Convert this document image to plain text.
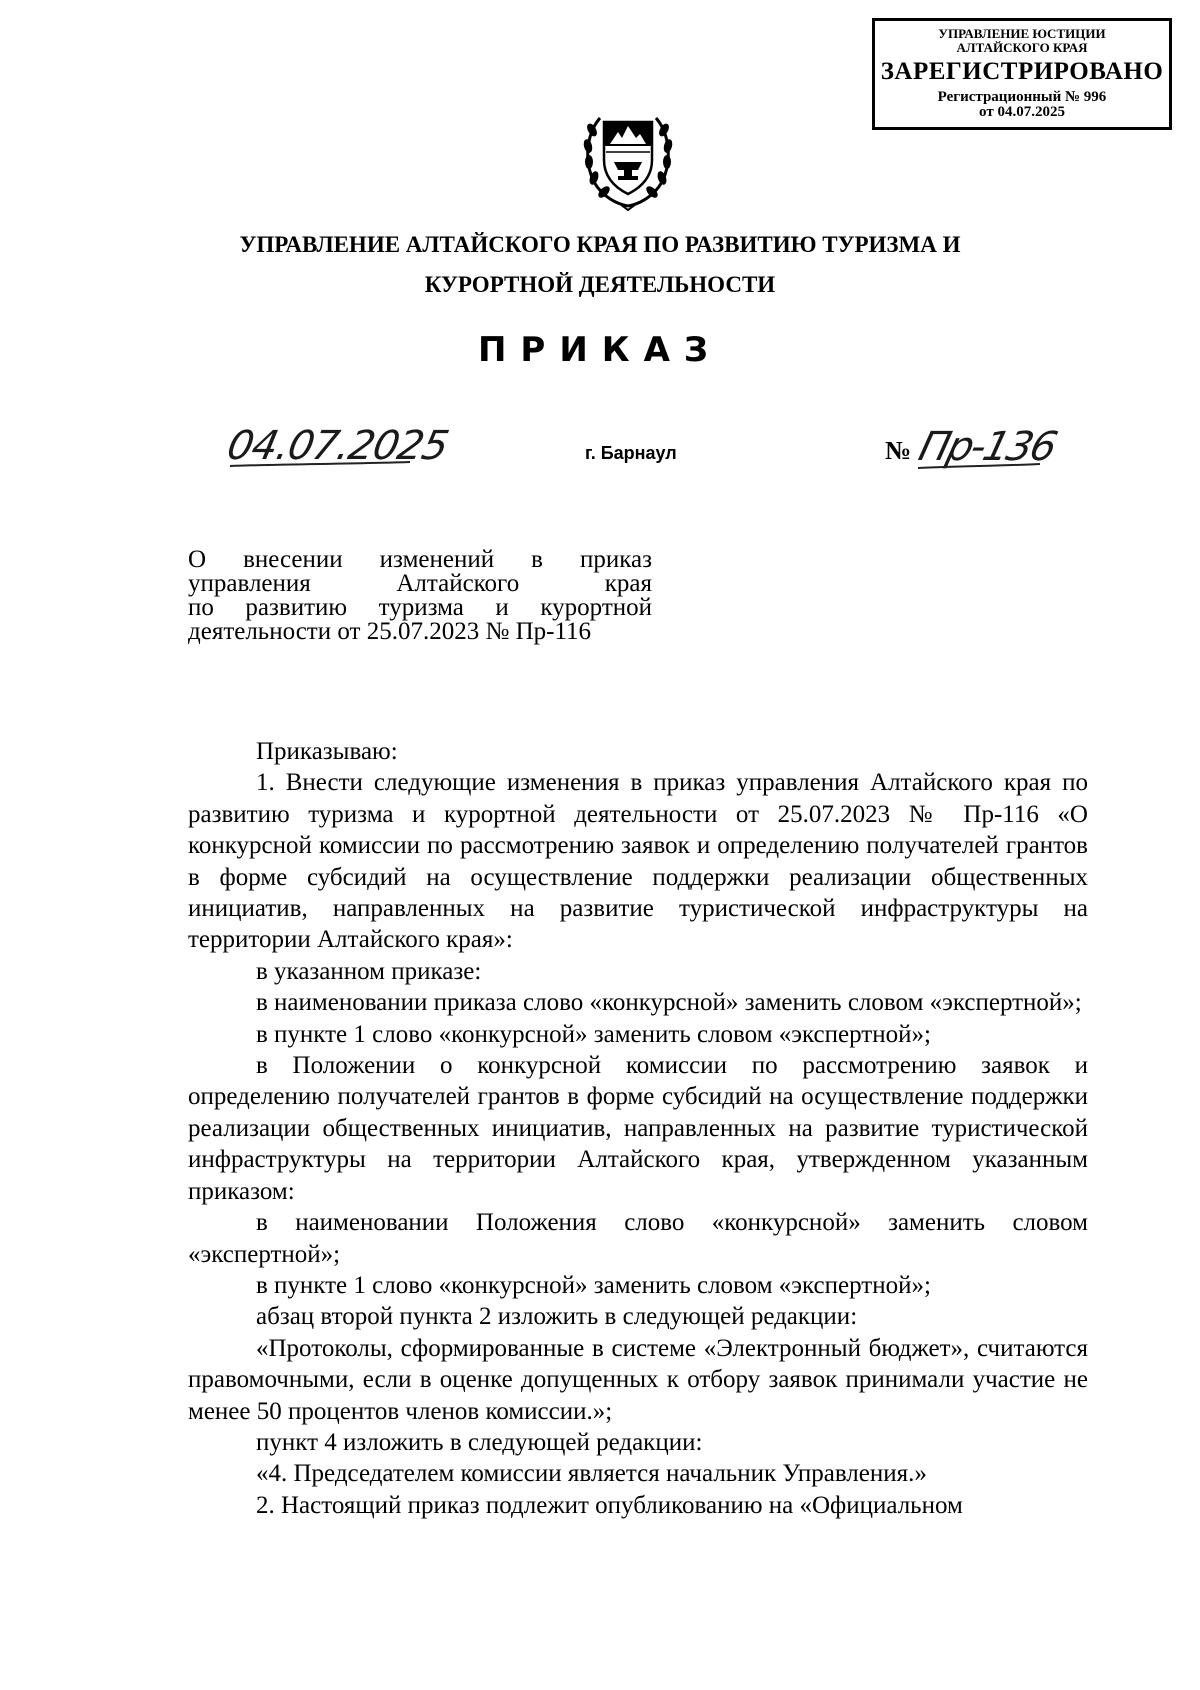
УПРАВЛЕНИЕ ЮСТИЦИИ
АЛТАЙСКОГО КРАЯ
ЗАРЕГИСТРИРОВАНО
Регистрационный № 996
от 04.07.2025
УПРАВЛЕНИЕ АЛТАЙСКОГО КРАЯ ПО РАЗВИТИЮ ТУРИЗМА И
КУРОРТНОЙ ДЕЯТЕЛЬНОСТИ
ПРИКАЗ
04.07.2025	г. Барнаул	№ Пр-136
О внесении изменений в приказ
управления Алтайского края
по развитию туризма и курортной
деятельности от 25.07.2023 № Пр-116

Приказываю:

1. Внести следующие изменения в приказ управления Алтайского края по развитию туризма и курортной деятельности от 25.07.2023 № Пр-116 «О конкурсной комиссии по рассмотрению заявок и определению получателей грантов в форме субсидий на осуществление поддержки реализации общественных инициатив, направленных на развитие туристической инфраструктуры на территории Алтайского края»:

в указанном приказе:

в наименовании приказа слово «конкурсной» заменить словом «экспертной»;

в пункте 1 слово «конкурсной» заменить словом «экспертной»;

в Положении о конкурсной комиссии по рассмотрению заявок и определению получателей грантов в форме субсидий на осуществление поддержки реализации общественных инициатив, направленных на развитие туристической инфраструктуры на территории Алтайского края, утвержденном указанным приказом:

в наименовании Положения слово «конкурсной» заменить словом «экспертной»;

в пункте 1 слово «конкурсной» заменить словом «экспертной»;

абзац второй пункта 2 изложить в следующей редакции:

«Протоколы, сформированные в системе «Электронный бюджет», считаются правомочными, если в оценке допущенных к отбору заявок принимали участие не менее 50 процентов членов комиссии.»;

пункт 4 изложить в следующей редакции:

«4. Председателем комиссии является начальник Управления.»

2. Настоящий приказ подлежит опубликованию на «Официальном
